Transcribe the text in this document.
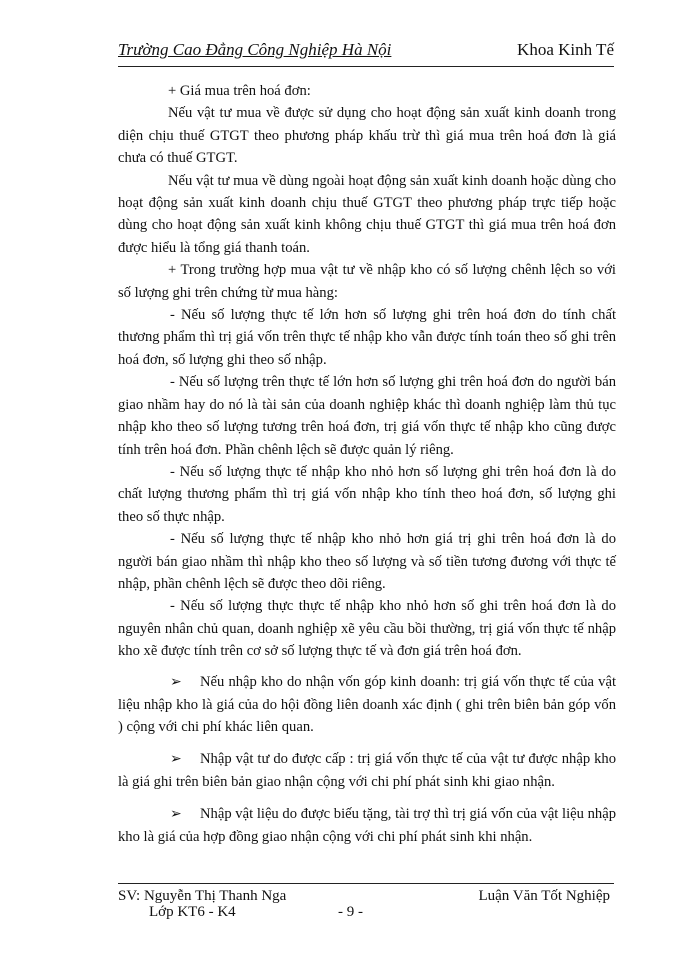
Trường Cao Đẳng Công Nghiệp Hà Nội	Khoa Kinh Tế

+ Giá mua trên hoá đơn:

Nếu vật tư mua về được sử dụng cho hoạt động sản xuất kinh doanh trong diện chịu thuế GTGT theo phương pháp khấu trừ thì giá mua trên hoá đơn là giá chưa có thuế GTGT.

Nếu vật tư mua về dùng ngoài hoạt động sản xuất kinh doanh hoặc dùng cho hoạt động sản xuất kinh doanh chịu thuế GTGT theo phương pháp trực tiếp hoặc dùng cho hoạt động sản xuất kinh không chịu thuế GTGT thì giá mua trên hoá đơn được hiểu là tổng giá thanh toán.

+ Trong trường hợp mua vật tư về nhập kho có số lượng chênh lệch so với số lượng ghi trên chứng từ mua hàng:

- Nếu số lượng thực tế lớn hơn số lượng ghi trên hoá đơn do tính chất thương phẩm thì trị giá vốn trên thực tế nhập kho vẫn được tính toán theo số ghi trên hoá đơn, số lượng ghi theo số nhập.

- Nếu số lượng trên thực tế lớn hơn số lượng ghi trên hoá đơn do người bán giao nhầm hay do nó là tài sản của doanh nghiệp khác thì doanh nghiệp làm thủ tục nhập kho theo số lượng tương trên hoá đơn, trị giá vốn thực tế nhập kho cũng được tính trên hoá đơn. Phần chênh lệch sẽ được quản lý riêng.

- Nếu số lượng thực tế nhập kho nhỏ hơn số lượng ghi trên hoá đơn là do chất lượng thương phẩm thì trị giá vốn nhập kho tính theo hoá đơn, số lượng ghi theo số thực nhập.

- Nếu số lượng thực tế nhập kho nhỏ hơn giá trị ghi trên hoá đơn là do người bán giao nhầm thì nhập kho theo số lượng và số tiền tương đương với thực tế nhập, phần chênh lệch sẽ được theo dõi riêng.

- Nếu số lượng thực thực tế nhập kho nhỏ hơn số ghi trên hoá đơn là do nguyên nhân chủ quan, doanh nghiệp xẽ yêu cầu bồi thường, trị giá vốn thực tế nhập kho xẽ được tính trên cơ sở số lượng thực tế và đơn giá trên hoá đơn.

➢ Nếu nhập kho do nhận vốn góp kinh doanh: trị giá vốn thực tế của vật liệu nhập kho là giá của do hội đồng liên doanh xác định ( ghi trên biên bản góp vốn ) cộng với chi phí khác liên quan.

➢ Nhập vật tư do được cấp : trị giá vốn thực tế của vật tư được nhập kho là giá ghi trên biên bản giao nhận cộng với chi phí phát sinh khi giao nhận.

➢ Nhập vật liệu do được biếu tặng, tài trợ thì trị giá vốn của vật liệu nhập kho là giá của hợp đồng giao nhận cộng với chi phí phát sinh khi nhận.

SV: Nguyễn Thị Thanh Nga
Lớp KT6 - K4	- 9 -
Luận Văn Tốt Nghiệp
